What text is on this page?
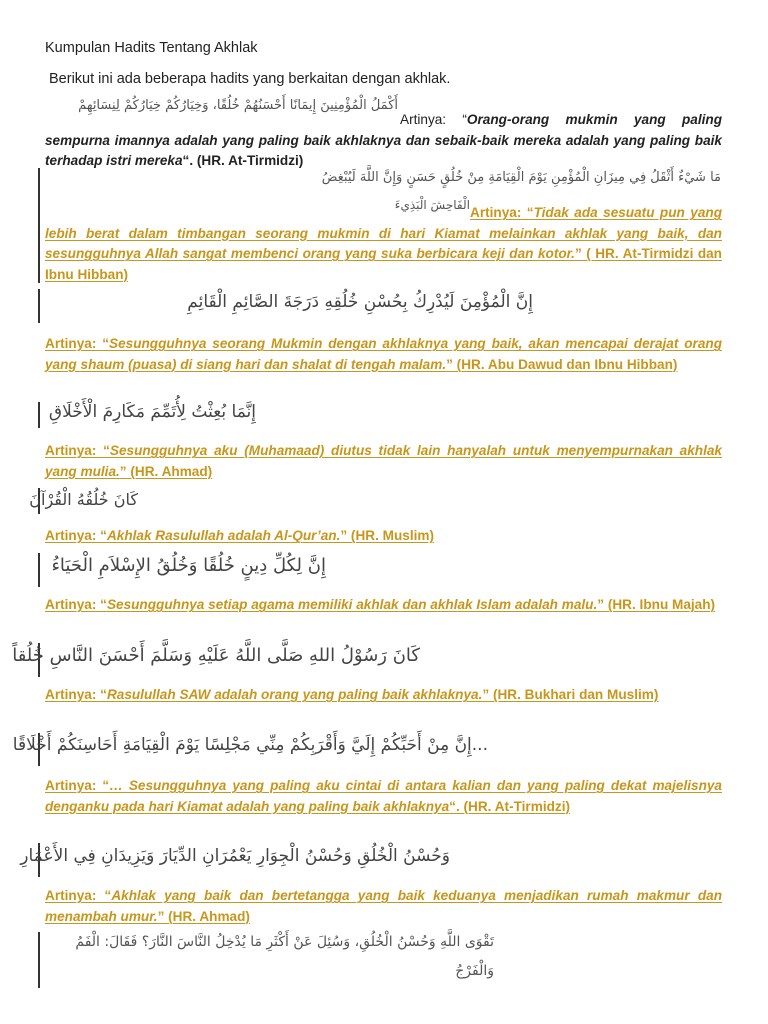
Kumpulan Hadits Tentang Akhlak
Berikut ini ada beberapa hadits yang berkaitan dengan akhlak.
أَكْمَلُ الْمُؤْمِنِينَ إِيمَانًا أَحْسَنُهُمْ خُلُقًا، وَخِيَارُكُمْ خِيَارُكُمْ لِنِسَائِهِمْ
Artinya: “Orang-orang mukmin yang paling sempurna imannya adalah yang paling baik akhlaknya dan sebaik-baik mereka adalah yang paling baik terhadap istri mereka“. (HR. At-Tirmidzi)
مَا شَيْءٌ أَثْقَلُ فِي مِيزَانِ الْمُؤْمِنِ يَوْمَ الْقِيَامَةِ مِنْ خُلُقٍ حَسَنٍ وَإِنَّ اللَّهَ لَيُبْغِضُ
الْفَاحِشَ الْبَذِيءَ Artinya: “Tidak ada sesuatu pun yang lebih berat dalam timbangan seorang mukmin di hari Kiamat melainkan akhlak yang baik, dan sesungguhnya Allah sangat membenci orang yang suka berbicara keji dan kotor.” ( HR. At-Tirmidzi dan Ibnu Hibban)
إِنَّ الْمُؤْمِنَ لَيُدْرِكُ بِحُسْنِ خُلُقِهِ دَرَجَةَ الصَّائِمِ الْقَائِمِ
Artinya: “Sesungguhnya seorang Mukmin dengan akhlaknya yang baik, akan mencapai derajat orang yang shaum (puasa) di siang hari dan shalat di tengah malam.” (HR. Abu Dawud dan Ibnu Hibban)
إِنَّمَا بُعِثْتُ لِأُتَمِّمَ مَكَارِمَ الْأَخْلَاقِ
Artinya: “Sesungguhnya aku (Muhamaad) diutus tidak lain hanyalah untuk menyempurnakan akhlak yang mulia.” (HR. Ahmad)
كَانَ خُلُقُهُ الْقُرْآنَ
Artinya: “Akhlak Rasulullah adalah Al-Qur’an.” (HR. Muslim)
إِنَّ لِكُلِّ دِينٍ خُلُقًا وَخُلُقُ الإِسْلاَمِ الْحَيَاءُ
Artinya: “Sesungguhnya setiap agama memiliki akhlak dan akhlak Islam adalah malu.” (HR. Ibnu Majah)
كَانَ رَسُوْلُ اللهِ صَلَّى اللَّهُ عَلَيْهِ وَسَلَّمَ أَحْسَنَ النَّاسِ خُلُقاً
Artinya: “Rasulullah SAW adalah orang yang paling baik akhlaknya.” (HR. Bukhari dan Muslim)
...إِنَّ مِنْ أَحَبِّكُمْ إِلَيَّ وَأَقْرَبِكُمْ مِنِّي مَجْلِسًا يَوْمَ الْقِيَامَةِ أَحَاسِنَكُمْ أَخْلَاقًا
Artinya: “… Sesungguhnya yang paling aku cintai di antara kalian dan yang paling dekat majelisnya denganku pada hari Kiamat adalah yang paling baik akhlaknya“. (HR. At-Tirmidzi)
وَحُسْنُ الْخُلُقِ وَحُسْنُ الْجِوَارِ يَعْمُرَانِ الدِّيَارَ وَيَزِيدَانِ فِي الأَعْمَارِ
Artinya: “Akhlak yang baik dan bertetangga yang baik keduanya menjadikan rumah makmur dan menambah umur.” (HR. Ahmad)
تَقْوَى اللَّهِ وَحُسْنُ الْخُلُقِ، وَسُئِلَ عَنْ أَكْثَرِ مَا يُدْخِلُ النَّاسَ النَّارَ؟ فَقَالَ: الْفَمُ
وَالْفَرْجُ
